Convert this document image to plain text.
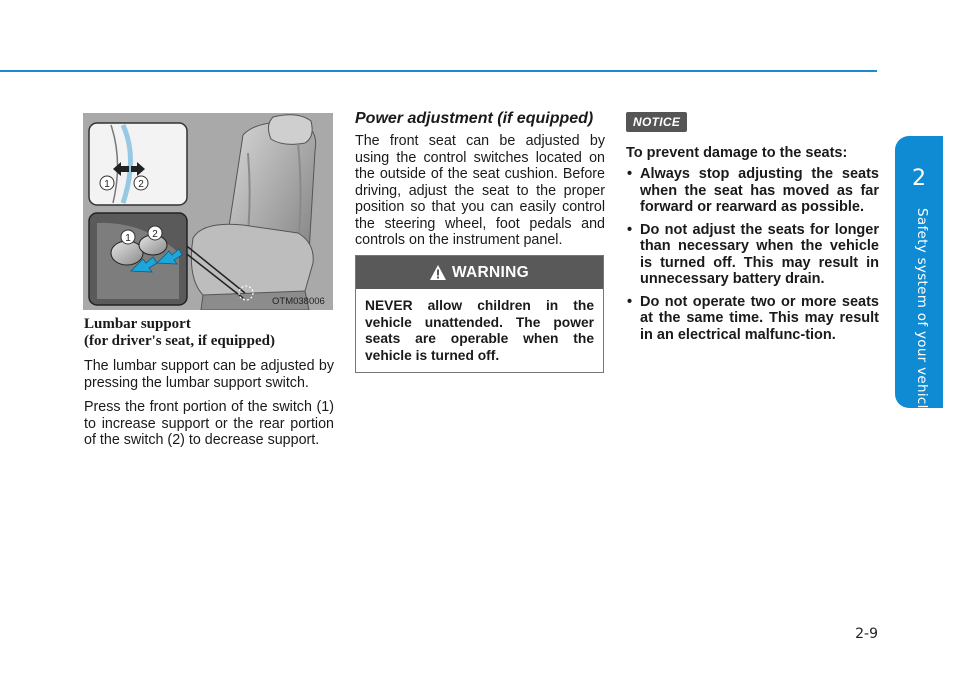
2
Safety system of your vehicle
1	2
1 2
OTM038006
Lumbar support
(for driver's seat, if equipped)

The lumbar support can be adjusted by pressing the lumbar support switch.

Press the front portion of the switch (1) to increase support or the rear portion of the switch (2) to decrease support.

Power adjustment (if equipped)

The front seat can be adjusted by using the control switches located on the outside of the seat cushion. Before driving, adjust the seat to the proper position so that you can easily control the steering wheel, foot pedals and controls on the instrument panel.

WARNING
NEVER allow children in the vehicle unattended. The power seats are operable when the vehicle is turned off.
NOTICE
To prevent damage to the seats:
• Always stop adjusting the seats when the seat has moved as far forward or rearward as possible.
• Do not adjust the seats for longer than necessary when the vehicle is turned off. This may result in unnecessary battery drain.
• Do not operate two or more seats at the same time. This may result in an electrical malfunc-tion.
2-9
